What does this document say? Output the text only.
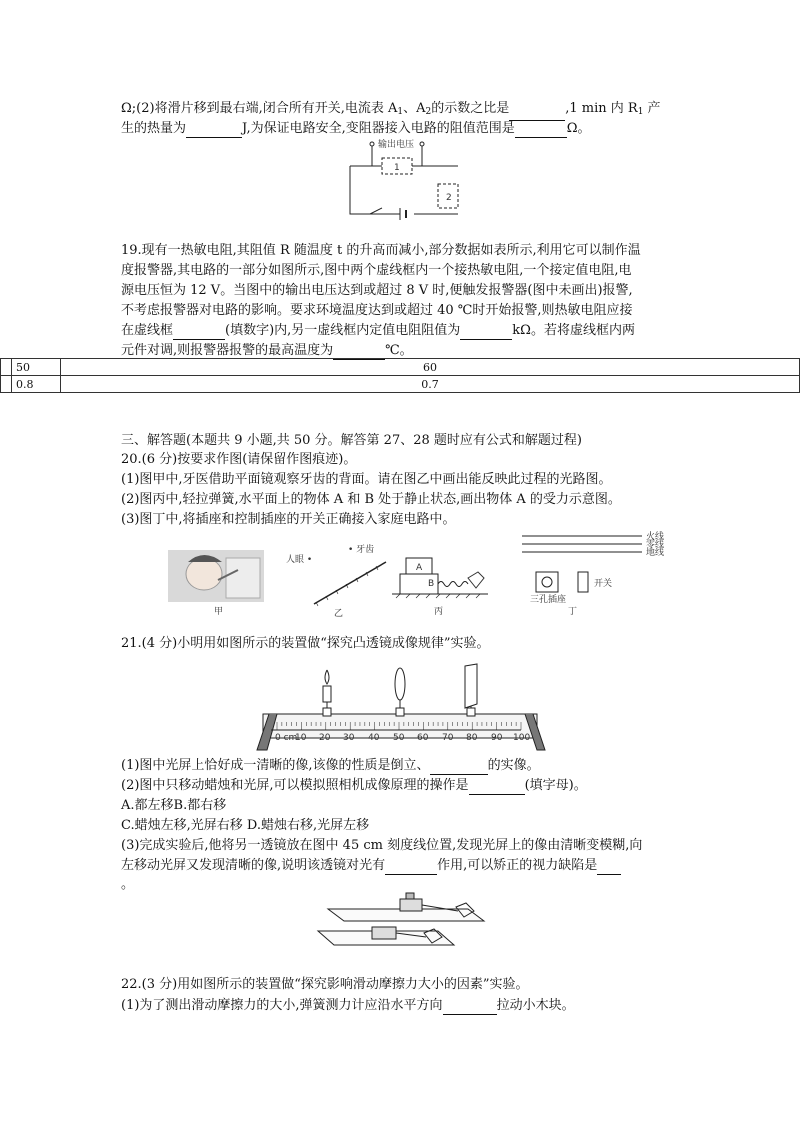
Ω;(2)将滑片移到最右端,闭合所有开关,电流表 $A_1$、$A_2$的示数之比是	,1 min 内 $R_1$ 产
生的热量为	J,为保证电路安全,变阻器接入电路的阻值范围是	Ω。
输出电压
1
2
19.现有一热敏电阻,其阻值 R 随温度 t 的升高而减小,部分数据如表所示,利用它可以制作温
度报警器,其电路的一部分如图所示,图中两个虚线框内一个接热敏电阻,一个接定值电阻,电
源电压恒为 12 V。当图中的输出电压达到或超过 8 V 时,便触发报警器(图中未画出)报警,
不考虑报警器对电路的影响。要求环境温度达到或超过 40 ℃时开始报警,则热敏电阻应接
在虚线框	(填数字)内,另一虚线框内定值电阻阻值为	kΩ。若将虚线框内两
元件对调,则报警器报警的最高温度为	℃。
	50	60
	0.8	0.7
三、解答题(本题共 9 小题,共 50 分。解答第 27、28 题时应有公式和解题过程)
20.(6 分)按要求作图(请保留作图痕迹)。
(1)图甲中,牙医借助平面镜观察牙齿的背面。请在图乙中画出能反映此过程的光路图。
(2)图丙中,轻拉弹簧,水平面上的物体 A 和 B 处于静止状态,画出物体 A 的受力示意图。
(3)图丁中,将插座和控制插座的开关正确接入家庭电路中。
甲
人眼 •
• 牙齿
乙
A
B
丙
火线
零线
地线
三孔插座
开关
丁
21.(4 分)小明用如图所示的装置做“探究凸透镜成像规律”实验。
0 cm
10 20 30 40 50 60 70 80 90 100
(1)图中光屏上恰好成一清晰的像,该像的性质是倒立、	的实像。
(2)图中只移动蜡烛和光屏,可以模拟照相机成像原理的操作是	(填字母)。
A.都左移B.都右移
C.蜡烛左移,光屏右移 D.蜡烛右移,光屏左移
(3)完成实验后,他将另一透镜放在图中 45 cm 刻度线位置,发现光屏上的像由清晰变模糊,向
左移动光屏又发现清晰的像,说明该透镜对光有	作用,可以矫正的视力缺陷是
。
22.(3 分)用如图所示的装置做“探究影响滑动摩擦力大小的因素”实验。
(1)为了测出滑动摩擦力的大小,弹簧测力计应沿水平方向	拉动小木块。
